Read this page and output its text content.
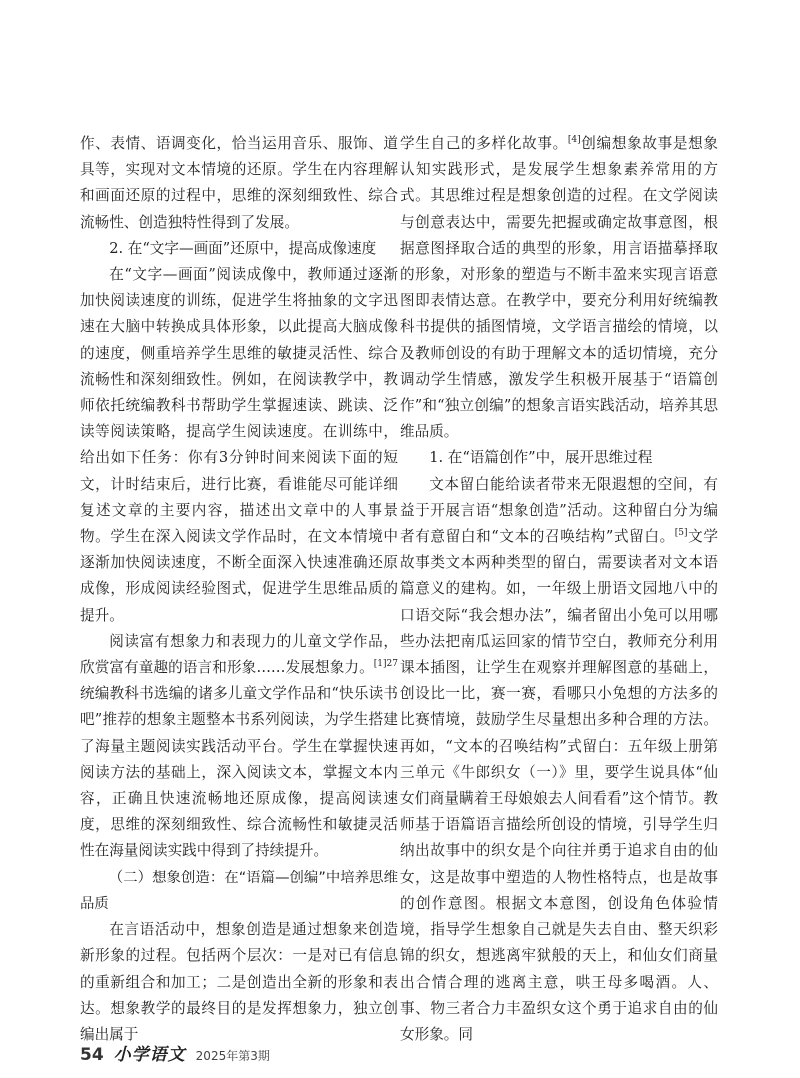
作、表情、语调变化，恰当运用音乐、服饰、道具等，实现对文本情境的还原。学生在内容理解和画面还原的过程中，思维的深刻细致性、综合流畅性、创造独特性得到了发展。

2. 在“文字—画面”还原中，提高成像速度

在“文字—画面”阅读成像中，教师通过逐渐加快阅读速度的训练，促进学生将抽象的文字迅速在大脑中转换成具体形象，以此提高大脑成像的速度，侧重培养学生思维的敏捷灵活性、综合流畅性和深刻细致性。例如，在阅读教学中，教师依托统编教科书帮助学生掌握速读、跳读、泛读等阅读策略，提高学生阅读速度。在训练中，给出如下任务：你有3分钟时间来阅读下面的短文，计时结束后，进行比赛，看谁能尽可能详细复述文章的主要内容，描述出文章中的人事景物。学生在深入阅读文学作品时，在文本情境中逐渐加快阅读速度，不断全面深入快速准确还原成像，形成阅读经验图式，促进学生思维品质的提升。

阅读富有想象力和表现力的儿童文学作品，欣赏富有童趣的语言和形象……发展想象力。$^{[1]27}$统编教科书选编的诸多儿童文学作品和“快乐读书吧”推荐的想象主题整本书系列阅读，为学生搭建了海量主题阅读实践活动平台。学生在掌握快速阅读方法的基础上，深入阅读文本，掌握文本内容，正确且快速流畅地还原成像，提高阅读速度，思维的深刻细致性、综合流畅性和敏捷灵活性在海量阅读实践中得到了持续提升。

（二）想象创造：在“语篇—创编”中培养思维品质

在言语活动中，想象创造是通过想象来创造新形象的过程。包括两个层次：一是对已有信息的重新组合和加工；二是创造出全新的形象和表达。想象教学的最终目的是发挥想象力，独立创编出属于

学生自己的多样化故事。[4]创编想象故事是想象认知实践形式，是发展学生想象素养常用的方式。其思维过程是想象创造的过程。在文学阅读与创意表达中，需要先把握或确定故事意图，根据意图择取合适的典型的形象，用言语描摹择取的形象，对形象的塑造与不断丰盈来实现言语意图即表情达意。在教学中，要充分利用好统编教科书提供的插图情境，文学语言描绘的情境，以及教师创设的有助于理解文本的适切情境，充分调动学生情感，激发学生积极开展基于“语篇创作”和“独立创编”的想象言语实践活动，培养其思维品质。

1. 在“语篇创作”中，展开思维过程

文本留白能给读者带来无限遐想的空间，有益于开展言语“想象创造”活动。这种留白分为编者有意留白和“文本的召唤结构”式留白。[5]文学故事类文本两种类型的留白，需要读者对文本语篇意义的建构。如，一年级上册语文园地八中的口语交际“我会想办法”，编者留出小兔可以用哪些办法把南瓜运回家的情节空白，教师充分利用课本插图，让学生在观察并理解图意的基础上，创设比一比，赛一赛，看哪只小兔想的方法多的比赛情境，鼓励学生尽量想出多种合理的方法。再如，“文本的召唤结构”式留白：五年级上册第三单元《牛郎织女（一）》里，要学生说具体“仙女们商量瞒着王母娘娘去人间看看”这个情节。教师基于语篇语言描绘所创设的情境，引导学生归纳出故事中的织女是个向往并勇于追求自由的仙女，这是故事中塑造的人物性格特点，也是故事的创作意图。根据文本意图，创设角色体验情境，指导学生想象自己就是失去自由、整天织彩锦的织女，想逃离牢狱般的天上，和仙女们商量出合情合理的逃离主意，哄王母多喝酒。人、事、物三者合力丰盈织女这个勇于追求自由的仙女形象。同

54 小学语文 2025年第3期
